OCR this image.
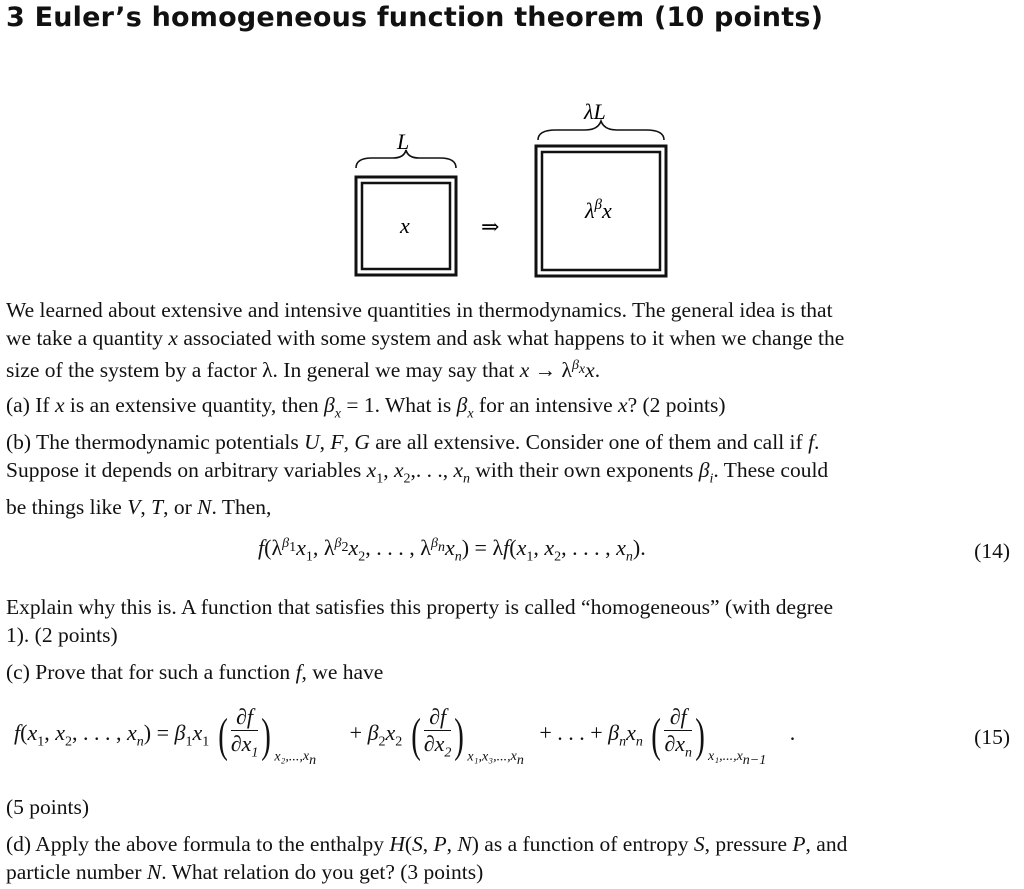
3 Euler’s homogeneous function theorem (10 points)
L
x	⇒
λL
$\lambda^\beta x$
We learned about extensive and intensive quantities in thermodynamics. The general idea is that
we take a quantity x associated with some system and ask what happens to it when we change the
size of the system by a factor λ. In general we may say that $x \to \lambda^{\beta_x}x$.
(a) If x is an extensive quantity, then $\beta_x = 1$. What is $\beta_x$ for an intensive x? (2 points)
(b) The thermodynamic potentials U, F, G are all extensive. Consider one of them and call if f.
Suppose it depends on arbitrary variables $x_1$, $x_2$,. . ., $x_n$ with their own exponents $\beta_i$. These could
be things like V, T, or N. Then,
$f(\lambda^{\beta_1}x_1$, $\lambda^{\beta_2}x_2$, . . . , $\lambda^{\beta_n}x_n) = \lambda f(x_1$, $x_2$, . . . , $x_n$).	(14)
Explain why this is. A function that satisfies this property is called “homogeneous” (with degree
1). (2 points)
(c) Prove that for such a function f, we have
$f(x_1$, $x_2$, . . . , $x_n) = \beta_1x_1$ ( $\frac{\partial f}{\partial x_1}$ ) $_{x_2,...,x_n} + \beta_2x_2$ ( $\frac{\partial f}{\partial x_2}$ ) $_{x_1,x_3,...,x_n}$ + . . . + $\beta_nx_n$ ( $\frac{\partial f}{\partial x_n}$ ) $_{x_1,...,x_{n-1}}$ .	(15)
(5 points)
(d) Apply the above formula to the enthalpy H(S, P, N) as a function of entropy S, pressure P, and
particle number N. What relation do you get? (3 points)
